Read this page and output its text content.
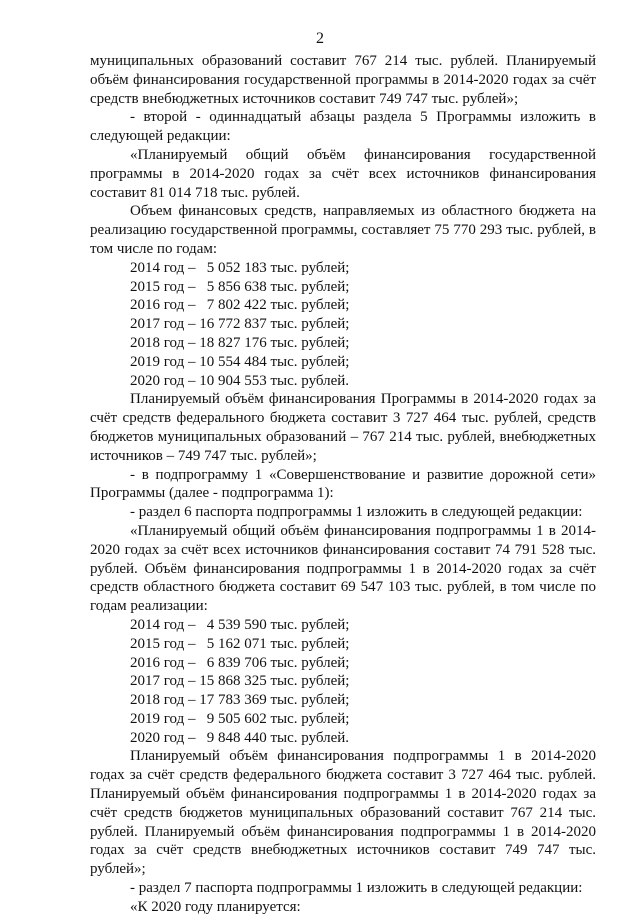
2

муниципальных образований составит 767 214 тыс. рублей. Планируемый объём финансирования государственной программы в 2014-2020 годах за счёт средств внебюджетных источников составит 749 747 тыс. рублей»;

- второй - одиннадцатый абзацы раздела 5 Программы изложить в следующей редакции:

«Планируемый общий объём финансирования государственной программы в 2014-2020 годах за счёт всех источников финансирования составит 81 014 718 тыс. рублей.

Объем финансовых средств, направляемых из областного бюджета на реализацию государственной программы, составляет 75 770 293 тыс. рублей, в том числе по годам:

2014 год –   5 052 183 тыс. рублей;
2015 год –   5 856 638 тыс. рублей;
2016 год –   7 802 422 тыс. рублей;
2017 год – 16 772 837 тыс. рублей;
2018 год – 18 827 176 тыс. рублей;
2019 год – 10 554 484 тыс. рублей;
2020 год – 10 904 553 тыс. рублей.

Планируемый объём финансирования Программы в 2014-2020 годах за счёт средств федерального бюджета составит 3 727 464 тыс. рублей, средств бюджетов муниципальных образований – 767 214 тыс. рублей, внебюджетных источников – 749 747 тыс. рублей»;

- в подпрограмму 1 «Совершенствование и развитие дорожной сети» Программы (далее - подпрограмма 1):

- раздел 6 паспорта подпрограммы 1 изложить в следующей редакции:

«Планируемый общий объём финансирования подпрограммы 1 в 2014-2020 годах за счёт всех источников финансирования составит 74 791 528 тыс. рублей. Объём финансирования подпрограммы 1 в 2014-2020 годах за счёт средств областного бюджета составит 69 547 103 тыс. рублей, в том числе по годам реализации:

2014 год –   4 539 590 тыс. рублей;
2015 год –   5 162 071 тыс. рублей;
2016 год –   6 839 706 тыс. рублей;
2017 год – 15 868 325 тыс. рублей;
2018 год – 17 783 369 тыс. рублей;
2019 год –   9 505 602 тыс. рублей;
2020 год –   9 848 440 тыс. рублей.

Планируемый объём финансирования подпрограммы 1 в 2014-2020 годах за счёт средств федерального бюджета составит 3 727 464 тыс. рублей. Планируемый объём финансирования подпрограммы 1 в 2014-2020 годах за счёт средств бюджетов муниципальных образований составит 767 214 тыс. рублей. Планируемый объём финансирования подпрограммы 1 в 2014-2020 годах за счёт средств внебюджетных источников составит 749 747 тыс. рублей»;

- раздел 7 паспорта подпрограммы 1 изложить в следующей редакции:

«К 2020 году планируется:
